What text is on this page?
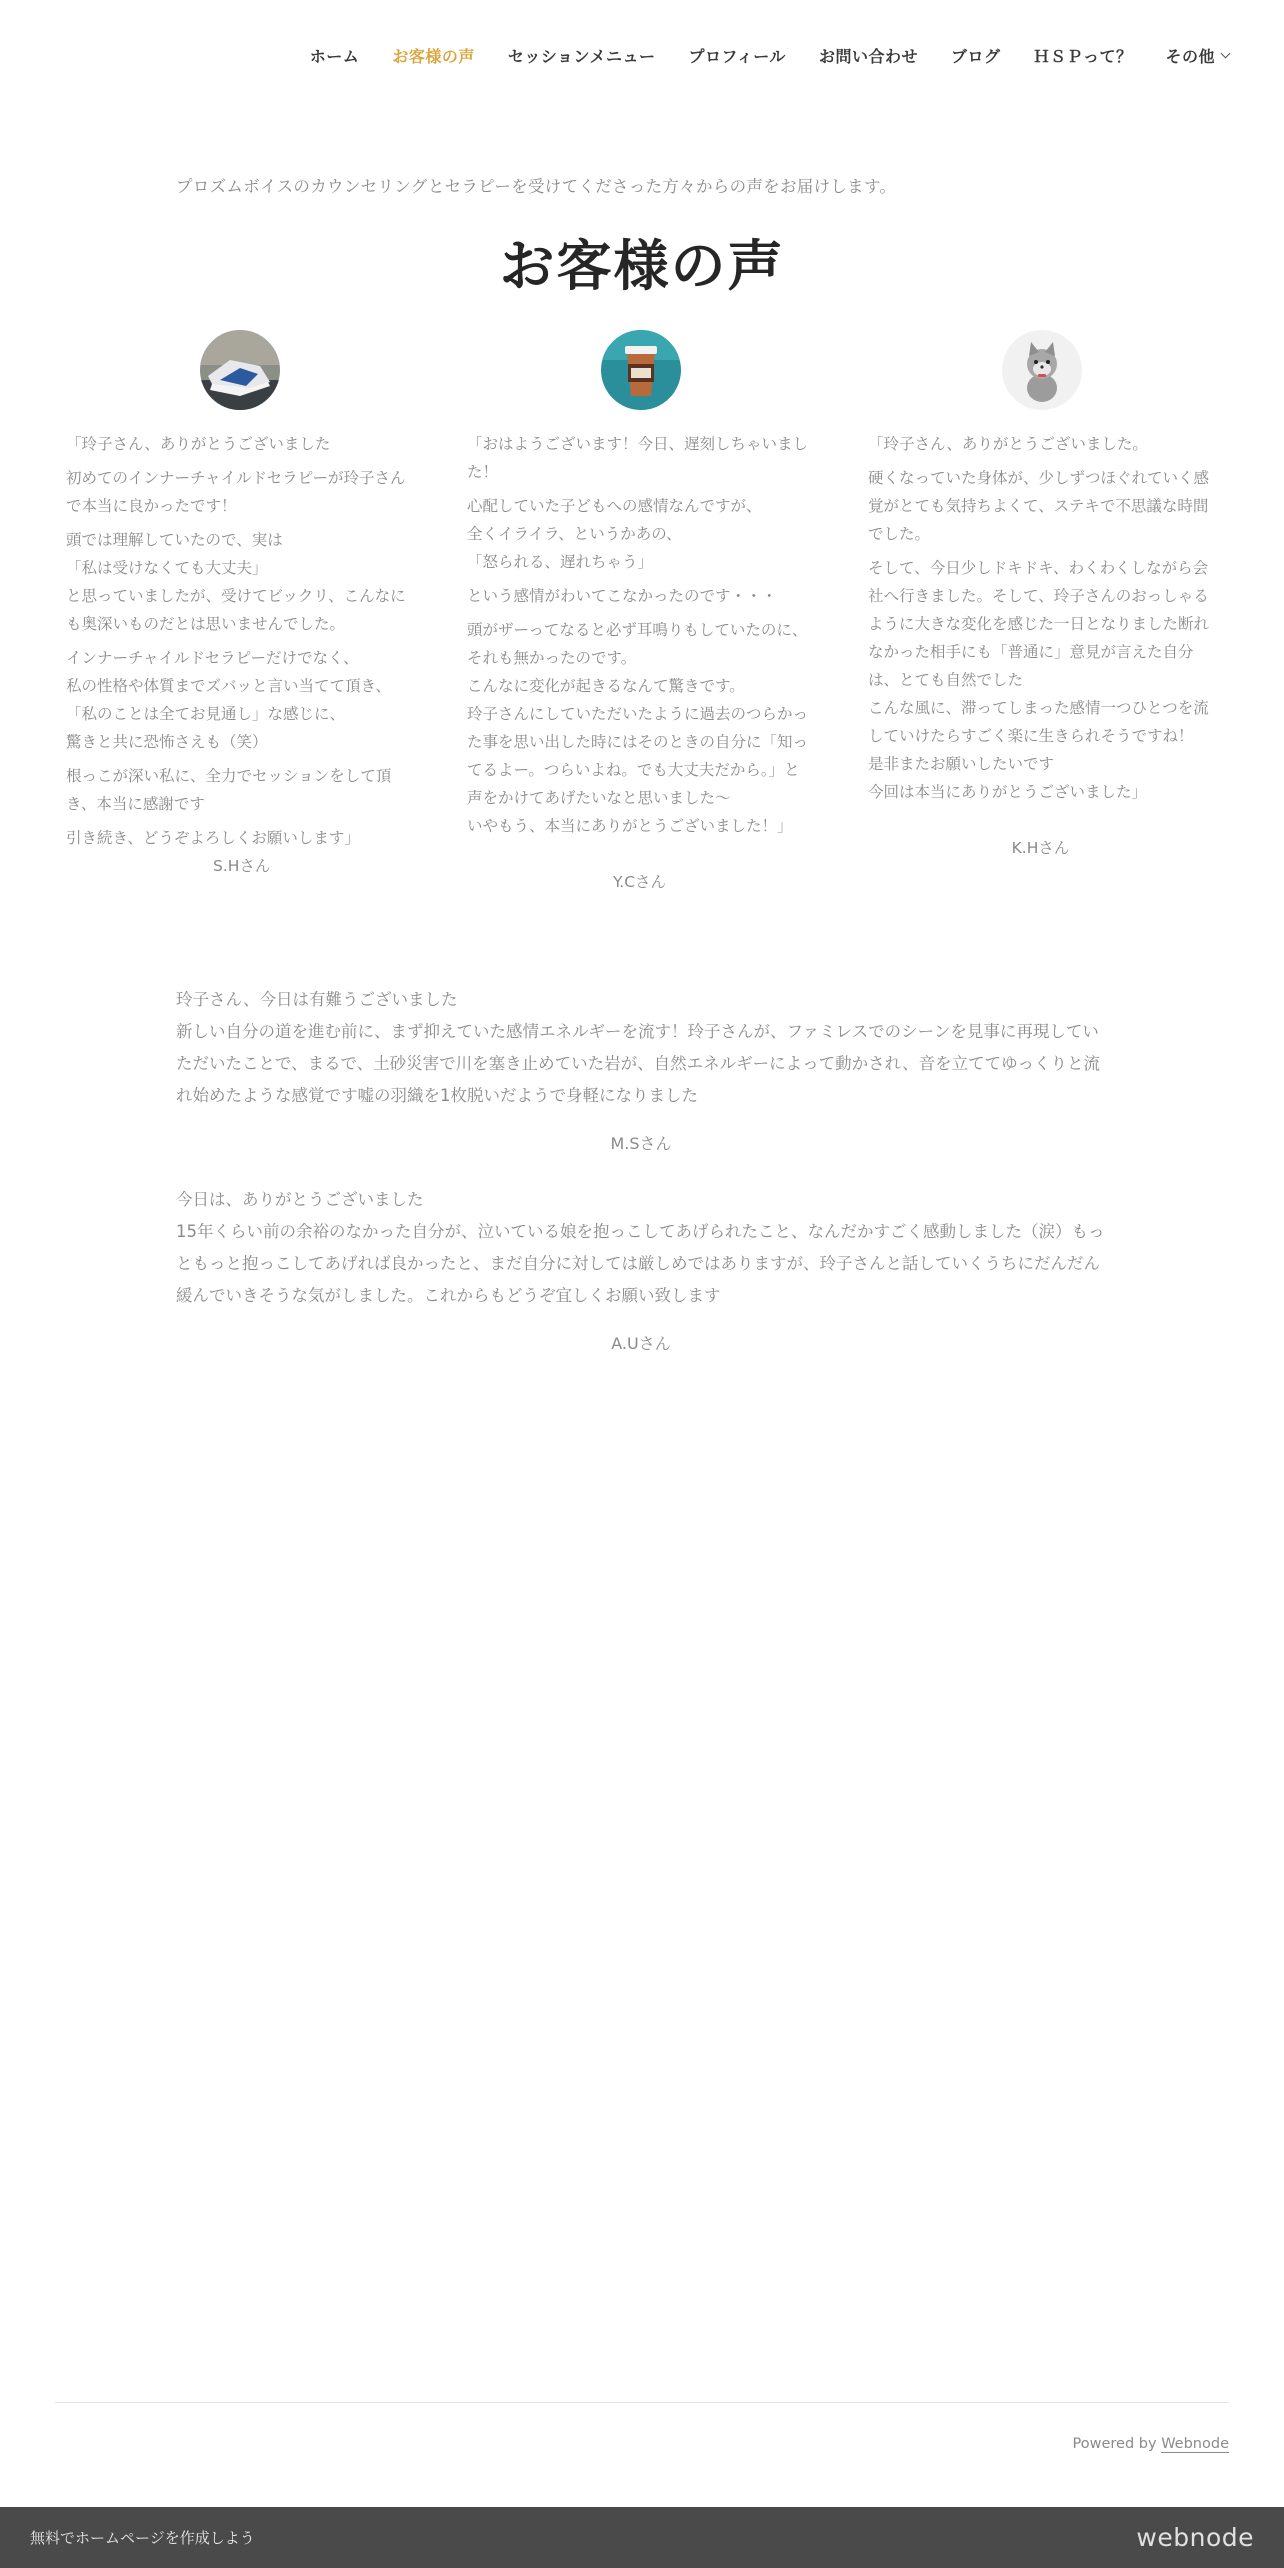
ホーム お客様の声 セッションメニュー プロフィール お問い合わせ ブログ ＨＳＰって？ その他
プロズムボイスのカウンセリングとセラピーを受けてくださった方々からの声をお届けします。
お客様の声

「玲子さん、ありがとうございました

初めてのインナーチャイルドセラピーが玲子さんで本当に良かったです！

頭では理解していたので、実は　　　　　　　　　「私は受けなくても大丈夫」　　　　　　　　　　と思っていましたが、受けてビックリ、こんなにも奥深いものだとは思いませんでした。

インナーチャイルドセラピーだけでなく、　　　　　私の性格や体質までズバッと言い当てて頂き、　　「私のことは全てお見通し」な感じに、　　　　　　驚きと共に恐怖さえも（笑）

根っこが深い私に、全力でセッションをして頂き、本当に感謝です

引き続き、どうぞよろしくお願いします」

S.Hさん

「おはようございます！今日、遅刻しちゃいました！

心配していた子どもへの感情なんですが、
全くイライラ、というかあの、
「怒られる、遅れちゃう」

という感情がわいてこなかったのです・・・

頭がザーってなると必ず耳鳴りもしていたのに、それも無かったのです。
こんなに変化が起きるなんて驚きです。
玲子さんにしていただいたように過去のつらかった事を思い出した時にはそのときの自分に「知ってるよー。つらいよね。でも大丈夫だから。」と声をかけてあげたいなと思いました～
いやもう、本当にありがとうございました！」

Y.Cさん

「玲子さん、ありがとうございました。

硬くなっていた身体が、少しずつほぐれていく感覚がとても気持ちよくて、ステキで不思議な時間でした。

そして、今日少しドキドキ、わくわくしながら会社へ行きました。そして、玲子さんのおっしゃるように大きな変化を感じた一日となりました断れなかった相手にも「普通に」意見が言えた自分は、とても自然でした
こんな風に、滞ってしまった感情一つひとつを流していけたらすごく楽に生きられそうですね！
是非またお願いしたいです
今回は本当にありがとうございました」

K.Hさん
玲子さん、今日は有難うございました
新しい自分の道を進む前に、まず抑えていた感情エネルギーを流す！玲子さんが、ファミレスでのシーンを見事に再現していただいたことで、まるで、土砂災害で川を塞き止めていた岩が、自然エネルギーによって動かされ、音を立ててゆっくりと流れ始めたような感覚です嘘の羽織を1枚脱いだようで身軽になりました
M.Sさん
今日は、ありがとうございました
15年くらい前の余裕のなかった自分が、泣いている娘を抱っこしてあげられたこと、なんだかすごく感動しました（涙）もっともっと抱っこしてあげれば良かったと、まだ自分に対しては厳しめではありますが、玲子さんと話していくうちにだんだん緩んでいきそうな気がしました。これからもどうぞ宜しくお願い致します
A.Uさん
Powered by Webnode
無料でホームページを作成しよう	webnode
